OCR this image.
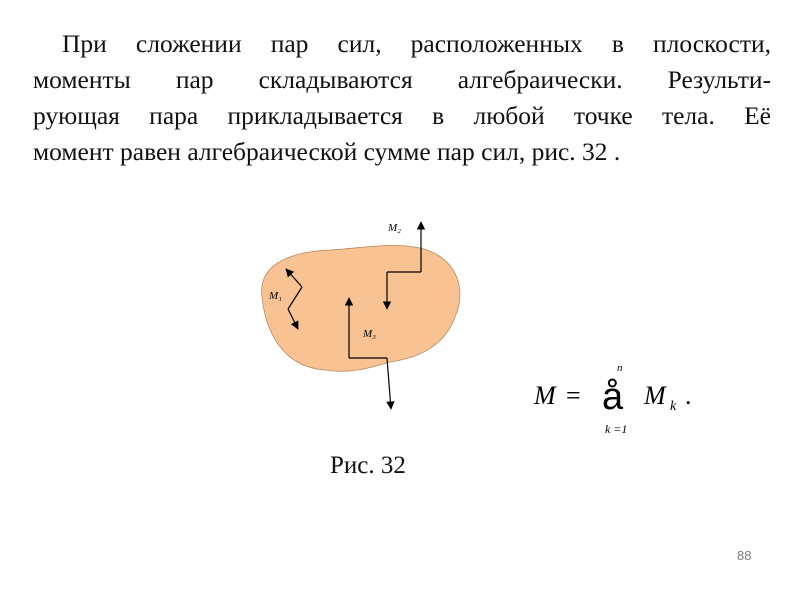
При сложении пар сил, расположенных в плоскости,
моменты пар складываются алгебраически. Результи-
рующая пара прикладывается в любой точке тела. Её
момент равен алгебраической сумме пар сил, рис. 32 .
M₁
M₂
M₃
M =
n
å
k =1
M k .
Рис. 32
88
